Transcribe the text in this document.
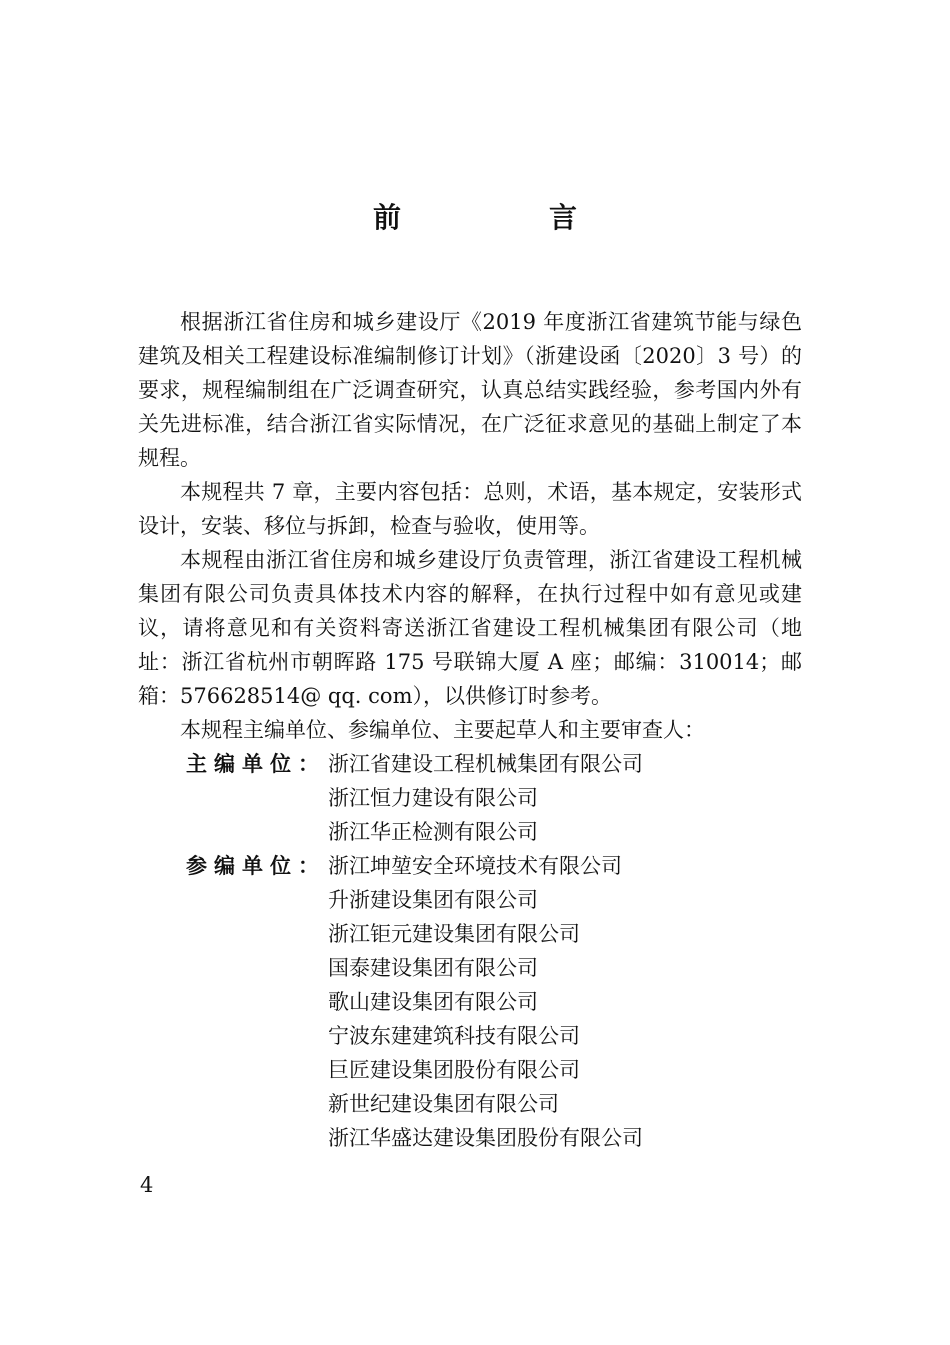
前　言

根据浙江省住房和城乡建设厅《2019 年度浙江省建筑节能与绿色建筑及相关工程建设标准编制修订计划》（浙建设函〔2020〕3 号）的要求，规程编制组在广泛调查研究，认真总结实践经验，参考国内外有关先进标准，结合浙江省实际情况，在广泛征求意见的基础上制定了本规程。

本规程共 7 章，主要内容包括：总则，术语，基本规定，安装形式设计，安装、移位与拆卸，检查与验收，使用等。

本规程由浙江省住房和城乡建设厅负责管理，浙江省建设工程机械集团有限公司负责具体技术内容的解释，在执行过程中如有意见或建议，请将意见和有关资料寄送浙江省建设工程机械集团有限公司（地址：浙江省杭州市朝晖路 175 号联锦大厦 A 座；邮编：310014；邮箱：576628514@ qq. com），以供修订时参考。

本规程主编单位、参编单位、主要起草人和主要审查人：

主编单位： 浙江省建设工程机械集团有限公司
浙江恒力建设有限公司
浙江华正检测有限公司
参编单位： 浙江坤堃安全环境技术有限公司
升浙建设集团有限公司
浙江钜元建设集团有限公司
国泰建设集团有限公司
歌山建设集团有限公司
宁波东建建筑科技有限公司
巨匠建设集团股份有限公司
新世纪建设集团有限公司
浙江华盛达建设集团股份有限公司
4
